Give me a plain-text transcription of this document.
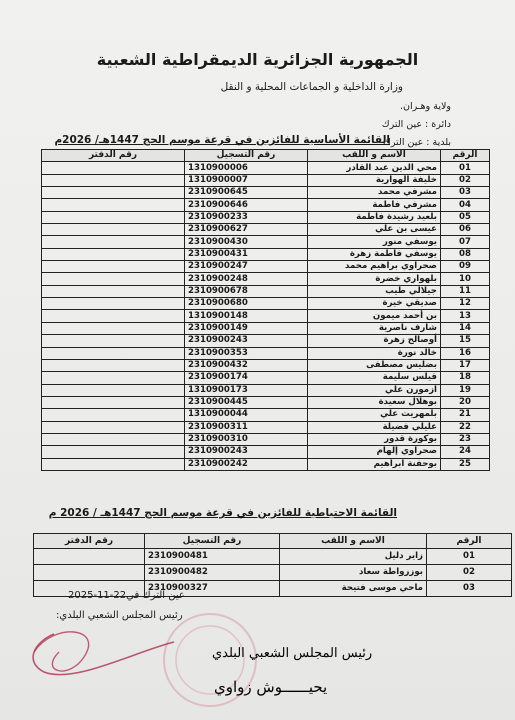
الجمهورية الجزائرية الديمقراطية الشعبية
وزارة الداخلية و الجماعات المحلية و النقل
ولاية وهـران.
دائرة : عين الترك
بلدية : عين الترك
القائمة الأساسية للفائزين في قرعة موسم الحج 1447هـ/ 2026م
الرقم	الاسم و اللقب	رقم التسجيل	رقم الدفتر
01	محي الدين عبد القادر	1310900006	
02	خليفة الهوارية	1310900007	
03	مشرفي محمد	2310900645	
04	مشرفي فاطمة	2310900646	
05	بلعيد رشيدة فاطمة	2310900233	
06	عيسى بن علي	2310900627	
07	يوسفي منور	2310900430	
08	يوسفي فاطمة زهرة	2310900431	
09	صحراوي براهيم محمد	2310900247	
10	بلهواري خضرة	2310900248	
11	جيلالي طيب	2310900678	
12	صديقي خيرة	2310900680	
13	بن أحمد ميمون	1310900148	
14	شارف ناصرية	2310900149	
15	أوصالح زهرة	2310900243	
16	خالد نورة	2310900353	
17	بضليس مصطفى	2310900432	
18	قيلس سليمة	2310900174	
19	ازمورن علي	1310900173	
20	بوهلال سعيدة	2310900445	
21	بلمهريت علي	1310900044	
22	عليلي فضيلة	2310900311	
23	بوكورة قدور	2310900310	
24	صحراوي إلهام	2310900243	
25	بوحفنة ابراهيم	2310900242	
القائمة الاحتياطية للفائزين في قرعة موسم الحج 1447هـ / 2026 م
الرقم	الاسم و اللقب	رقم التسجيل	رقم الدفتر
01	زاير دليل	2310900481	
02	بوزرواطة سعاد	2310900482	
03	ماحي موسى فتيحة	2310900327	
عين الترك في22-11-2025
رئيس المجلس الشعبي البلدي:
رئيس المجلس الشعبي البلدي
يحيــــــوش زواوي
